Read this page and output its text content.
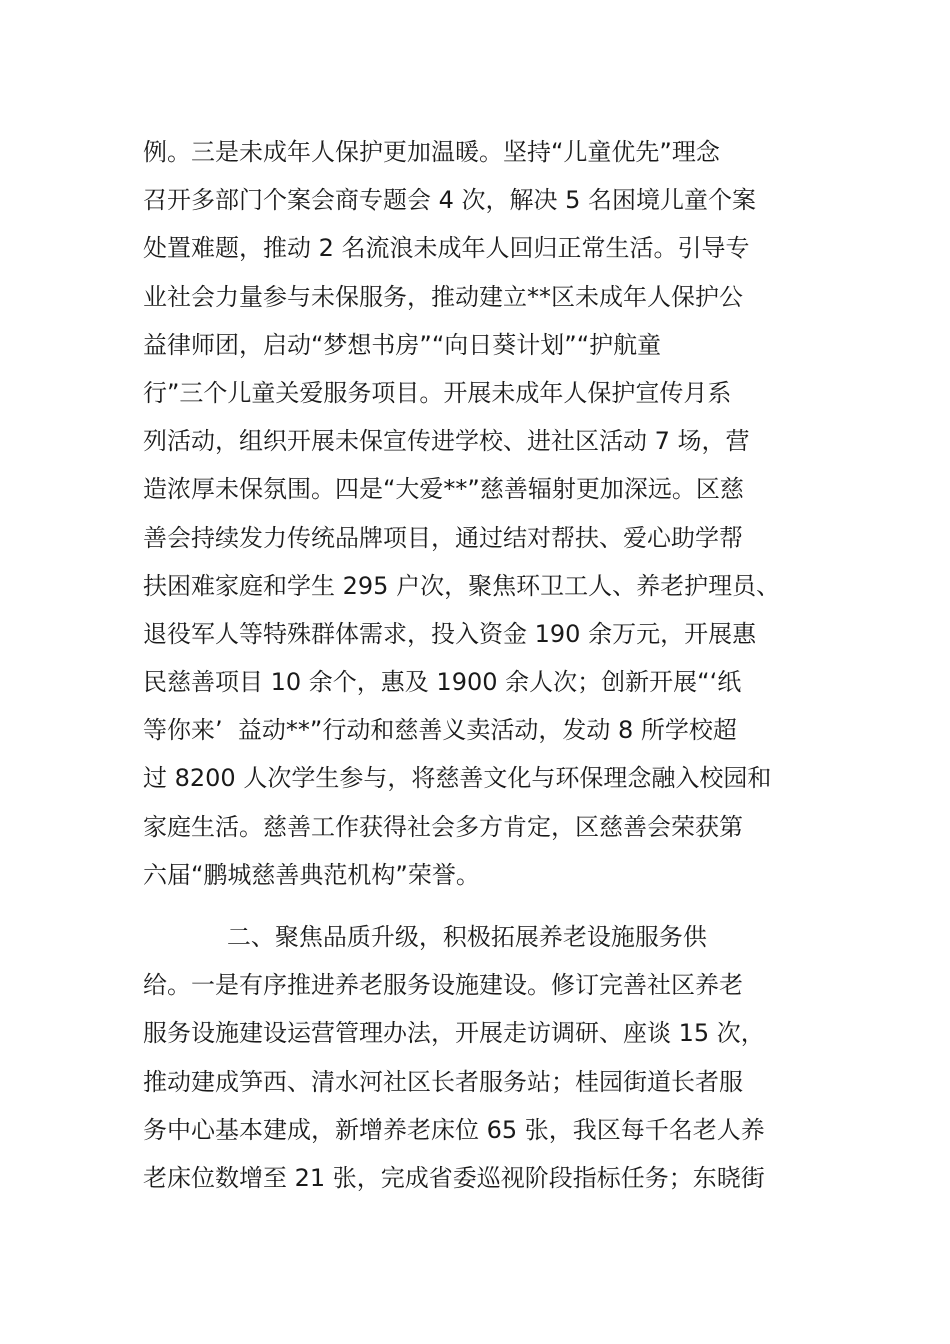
例。三是未成年人保护更加温暖。坚持“儿童优先”理念
召开多部门个案会商专题会 4 次，解决 5 名困境儿童个案
处置难题，推动 2 名流浪未成年人回归正常生活。引导专
业社会力量参与未保服务，推动建立**区未成年人保护公
益律师团，启动“梦想书房”“向日葵计划”“护航童
行”三个儿童关爱服务项目。开展未成年人保护宣传月系
列活动，组织开展未保宣传进学校、进社区活动 7 场，营
造浓厚未保氛围。四是“大爱**”慈善辐射更加深远。区慈
善会持续发力传统品牌项目，通过结对帮扶、爱心助学帮
扶困难家庭和学生 295 户次，聚焦环卫工人、养老护理员、
退役军人等特殊群体需求，投入资金 190 余万元，开展惠
民慈善项目 10 余个，惠及 1900 余人次；创新开展“‘纸
等你来’  益动**”行动和慈善义卖活动，发动 8 所学校超
过 8200 人次学生参与，将慈善文化与环保理念融入校园和
家庭生活。慈善工作获得社会多方肯定，区慈善会荣获第
六届“鹏城慈善典范机构”荣誉。
二、聚焦品质升级，积极拓展养老设施服务供
给。一是有序推进养老服务设施建设。修订完善社区养老
服务设施建设运营管理办法，开展走访调研、座谈 15 次，
推动建成笋西、清水河社区长者服务站；桂园街道长者服
务中心基本建成，新增养老床位 65 张，我区每千名老人养
老床位数增至 21 张，完成省委巡视阶段指标任务；东晓街
